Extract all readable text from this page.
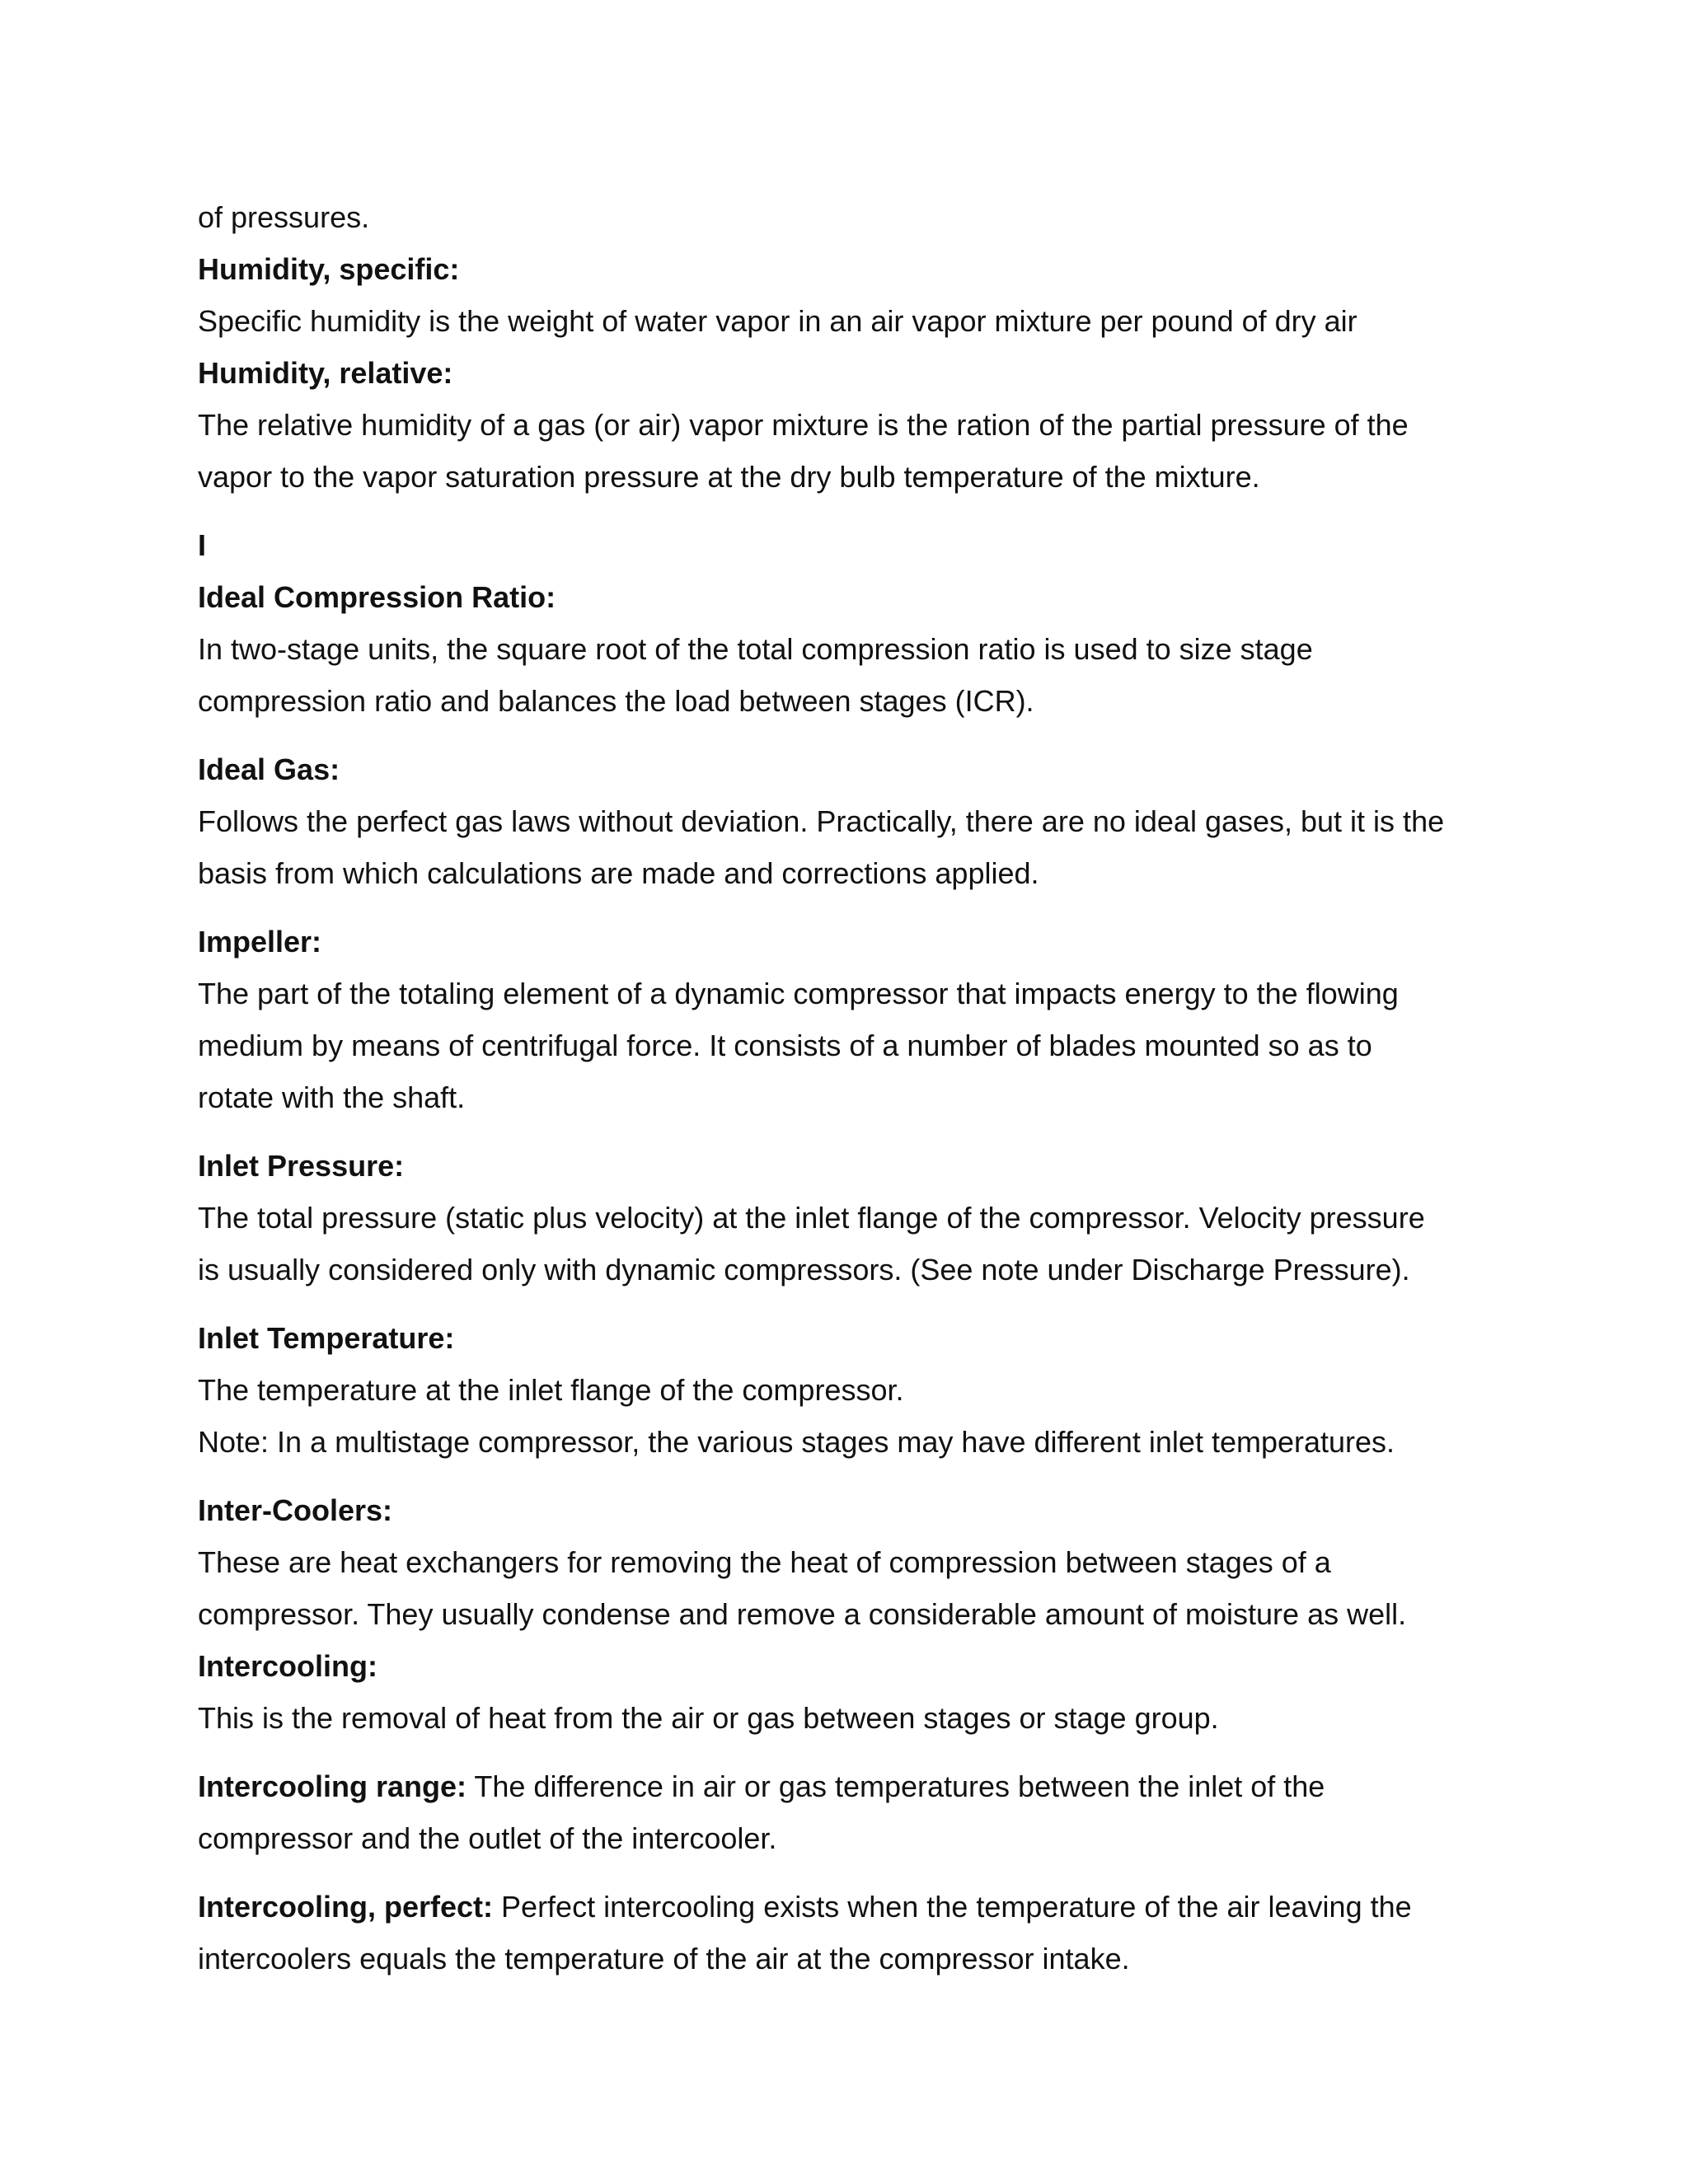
of pressures.

Humidity, specific:

Specific humidity is the weight of water vapor in an air vapor mixture per pound of dry air

Humidity, relative:

The relative humidity of a gas (or air) vapor mixture is the ration of the partial pressure of the

vapor to the vapor saturation pressure at the dry bulb temperature of the mixture.

I

Ideal Compression Ratio:

In two-stage units, the square root of the total compression ratio is used to size stage

compression ratio and balances the load between stages (ICR).

Ideal Gas:

Follows the perfect gas laws without deviation. Practically, there are no ideal gases, but it is the

basis from which calculations are made and corrections applied.

Impeller:

The part of the totaling element of a dynamic compressor that impacts energy to the flowing

medium by means of centrifugal force. It consists of a number of blades mounted so as to

rotate with the shaft.

Inlet Pressure:

The total pressure (static plus velocity) at the inlet flange of the compressor. Velocity pressure

is usually considered only with dynamic compressors. (See note under Discharge Pressure).

Inlet Temperature:

The temperature at the inlet flange of the compressor.

Note: In a multistage compressor, the various stages may have different inlet temperatures.

Inter-Coolers:

These are heat exchangers for removing the heat of compression between stages of a

compressor. They usually condense and remove a considerable amount of moisture as well.

Intercooling:

This is the removal of heat from the air or gas between stages or stage group.

Intercooling range: The difference in air or gas temperatures between the inlet of the

compressor and the outlet of the intercooler.

Intercooling, perfect: Perfect intercooling exists when the temperature of the air leaving the

intercoolers equals the temperature of the air at the compressor intake.
